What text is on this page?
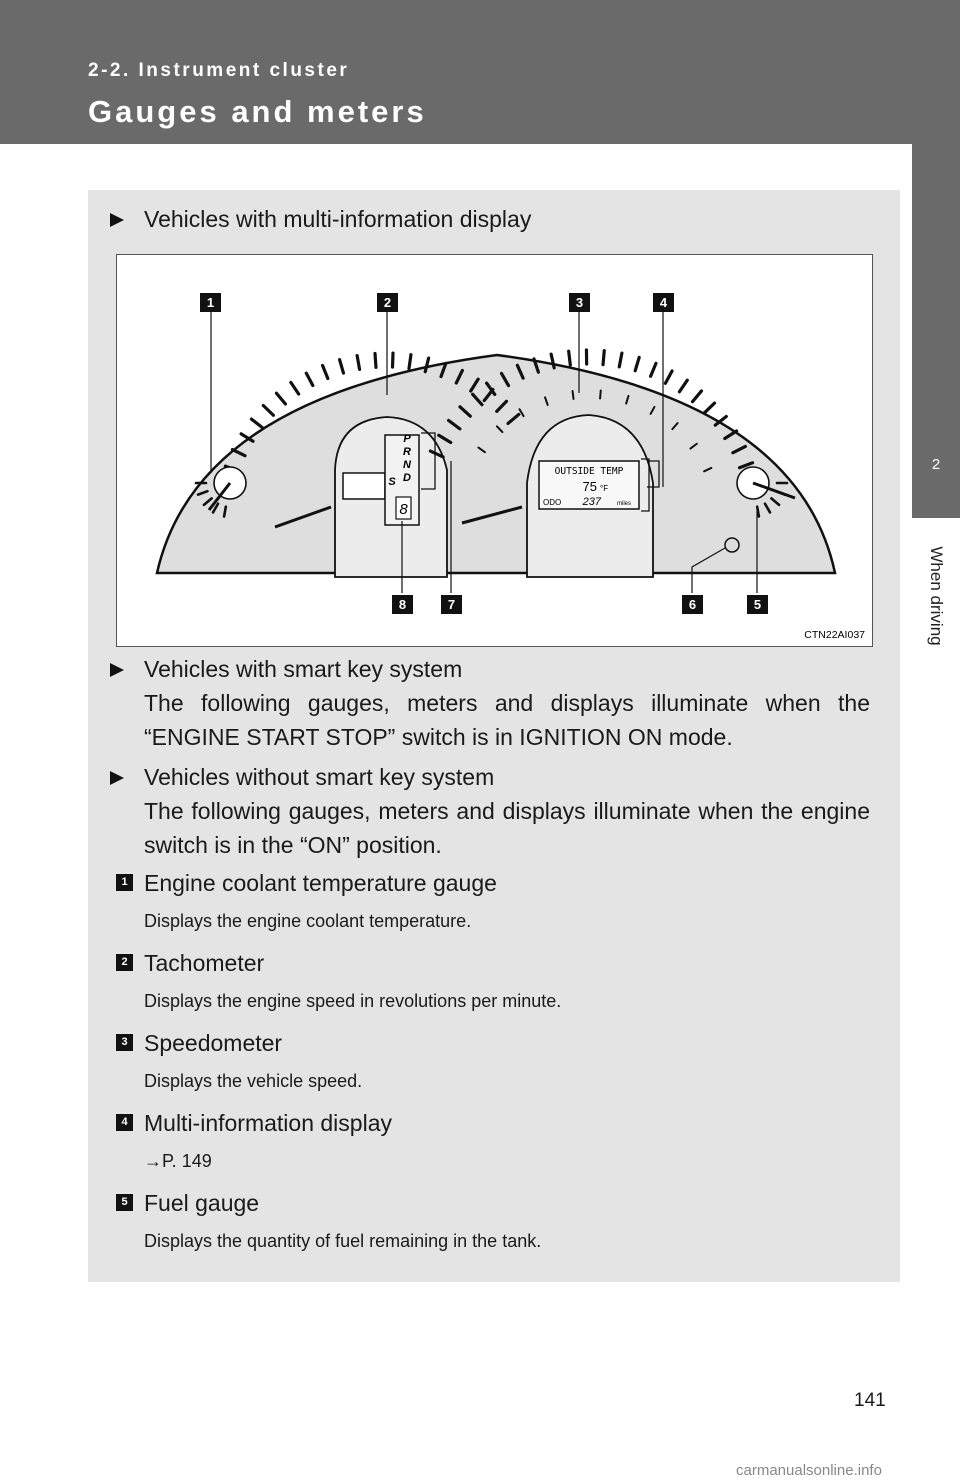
2-2. Instrument cluster
Gauges and meters
2
When driving
Vehicles with multi-information display
P
R
N
D
S
8
OUTSIDE TEMP
75 °F
ODO 237	miles
1	2	3	4
5
6
7
8
CTN22AI037
Vehicles with smart key system
The following gauges, meters and displays illuminate when the “ENGINE START STOP” switch is in IGNITION ON mode.
Vehicles without smart key system
The following gauges, meters and displays illuminate when the engine switch is in the “ON” position.
1 Engine coolant temperature gauge
Displays the engine coolant temperature.
2 Tachometer
Displays the engine speed in revolutions per minute.
3 Speedometer
Displays the vehicle speed.
4 Multi-information display
→P. 149
5 Fuel gauge
Displays the quantity of fuel remaining in the tank.
141
carmanualsonline.info
